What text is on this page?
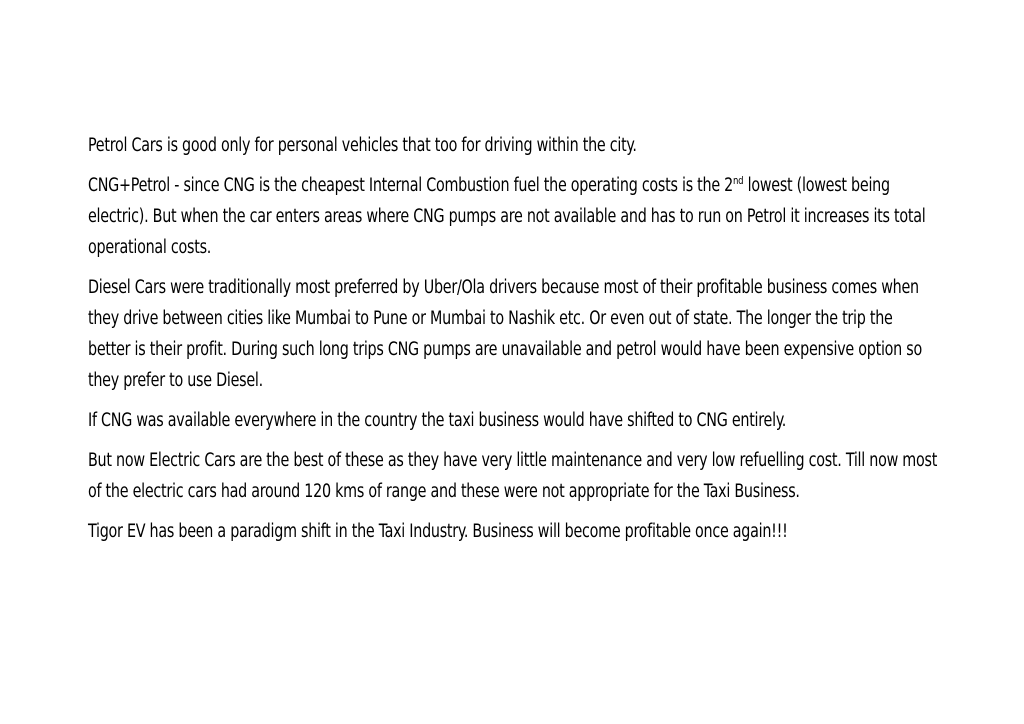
Petrol Cars is good only for personal vehicles that too for driving within the city.

CNG+Petrol - since CNG is the cheapest Internal Combustion fuel the operating costs is the 2nd lowest (lowest being electric). But when the car enters areas where CNG pumps are not available and has to run on Petrol it increases its total operational costs.

Diesel Cars were traditionally most preferred by Uber/Ola drivers because most of their profitable business comes when they drive between cities like Mumbai to Pune or Mumbai to Nashik etc. Or even out of state. The longer the trip the better is their profit. During such long trips CNG pumps are unavailable and petrol would have been expensive option so they prefer to use Diesel.

If CNG was available everywhere in the country the taxi business would have shifted to CNG entirely.

But now Electric Cars are the best of these as they have very little maintenance and very low refuelling cost. Till now most of the electric cars had around 120 kms of range and these were not appropriate for the Taxi Business.

Tigor EV has been a paradigm shift in the Taxi Industry. Business will become profitable once again!!!
